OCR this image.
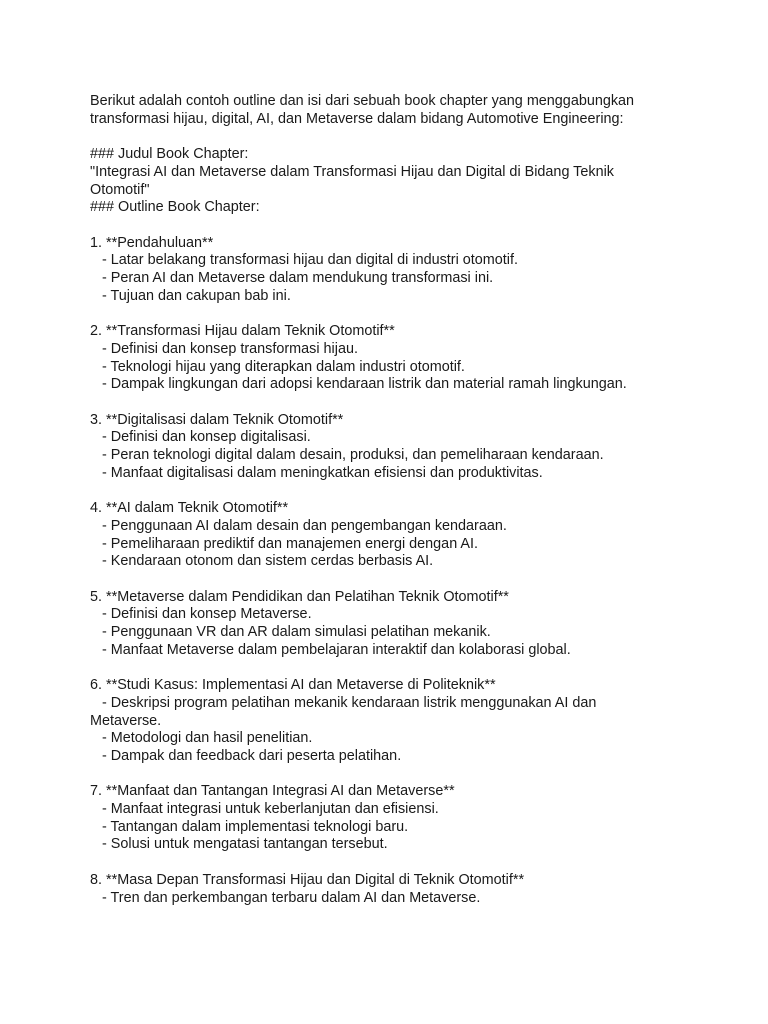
Berikut adalah contoh outline dan isi dari sebuah book chapter yang menggabungkan
transformasi hijau, digital, AI, dan Metaverse dalam bidang Automotive Engineering:
### Judul Book Chapter:
"Integrasi AI dan Metaverse dalam Transformasi Hijau dan Digital di Bidang Teknik
Otomotif"
### Outline Book Chapter:
1. **Pendahuluan**
- Latar belakang transformasi hijau dan digital di industri otomotif.
- Peran AI dan Metaverse dalam mendukung transformasi ini.
- Tujuan dan cakupan bab ini.
2. **Transformasi Hijau dalam Teknik Otomotif**
- Definisi dan konsep transformasi hijau.
- Teknologi hijau yang diterapkan dalam industri otomotif.
- Dampak lingkungan dari adopsi kendaraan listrik dan material ramah lingkungan.
3. **Digitalisasi dalam Teknik Otomotif**
- Definisi dan konsep digitalisasi.
- Peran teknologi digital dalam desain, produksi, dan pemeliharaan kendaraan.
- Manfaat digitalisasi dalam meningkatkan efisiensi dan produktivitas.
4. **AI dalam Teknik Otomotif**
- Penggunaan AI dalam desain dan pengembangan kendaraan.
- Pemeliharaan prediktif dan manajemen energi dengan AI.
- Kendaraan otonom dan sistem cerdas berbasis AI.
5. **Metaverse dalam Pendidikan dan Pelatihan Teknik Otomotif**
- Definisi dan konsep Metaverse.
- Penggunaan VR dan AR dalam simulasi pelatihan mekanik.
- Manfaat Metaverse dalam pembelajaran interaktif dan kolaborasi global.
6. **Studi Kasus: Implementasi AI dan Metaverse di Politeknik**
- Deskripsi program pelatihan mekanik kendaraan listrik menggunakan AI dan
Metaverse.
- Metodologi dan hasil penelitian.
- Dampak dan feedback dari peserta pelatihan.
7. **Manfaat dan Tantangan Integrasi AI dan Metaverse**
- Manfaat integrasi untuk keberlanjutan dan efisiensi.
- Tantangan dalam implementasi teknologi baru.
- Solusi untuk mengatasi tantangan tersebut.
8. **Masa Depan Transformasi Hijau dan Digital di Teknik Otomotif**
- Tren dan perkembangan terbaru dalam AI dan Metaverse.
